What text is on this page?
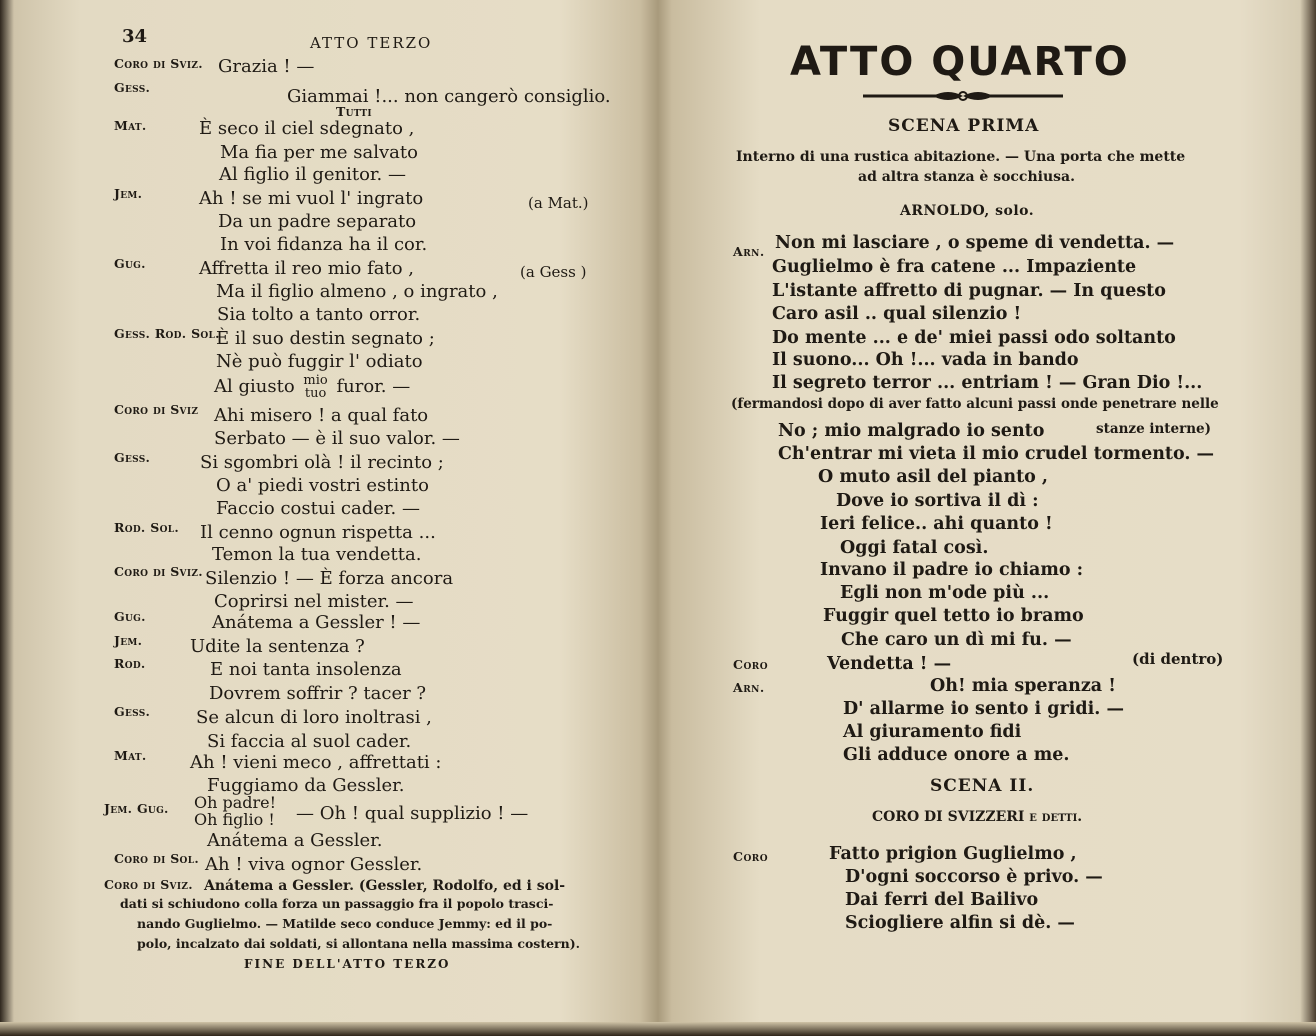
34	ATTO TERZO
Grazia ! —
Coro di Sviz.
Giammai !... non cangerò consiglio.
Gess.
Tutti
È seco il ciel sdegnato ,
Mat.
Ma fia per me salvato
Al figlio il genitor. —
Ah ! se mi vuol l' ingrato
Jem.
Da un padre separato
In voi fidanza ha il cor.
Affretta il reo mio fato ,
Gug.
Ma il figlio almeno , o ingrato ,
Sia tolto a tanto orror.
È il suo destin segnato ;
Gess. Rod. Sol.
Nè può fuggir l' odiato
Ahi misero ! a qual fato
Coro di Sviz
Serbato — è il suo valor. —
Si sgombri olà ! il recinto ;
Gess.
O a' piedi vostri estinto
Faccio costui cader. —
Il cenno ognun rispetta ...
Rod. Sol.
Temon la tua vendetta.
Silenzio ! — È forza ancora
Coro di Sviz.
Coprirsi nel mister. —
Anátema a Gessler ! —
Gug.
Udite la sentenza ?
Jem.
E noi tanta insolenza
Rod.
Dovrem soffrir ? tacer ?
Se alcun di loro inoltrasi ,
Gess.
Si faccia al suol cader.
Ah ! vieni meco , affrettati :
Mat.
Fuggiamo da Gessler.
Anátema a Gessler.
Ah ! viva ognor Gessler.
Coro di Sol.
Al giusto mio
tuo furor. —
(a Mat.)
(a Gess )
Jem. Gug. Oh padre!
Oh figlio ! — Oh ! qual supplizio ! —
Coro di Sviz. Anátema a Gessler. (Gessler, Rodolfo, ed i sol-
dati si schiudono colla forza un passaggio fra il popolo trasci-
nando Guglielmo. — Matilde seco conduce Jemmy: ed il po-
polo, incalzato dai soldati, si allontana nella massima costern).
FINE DELL'ATTO TERZO
ATTO QUARTO
SCENA PRIMA
Interno di una rustica abitazione. — Una porta che mette
ad altra stanza è socchiusa.
ARNOLDO, solo.
Non mi lasciare , o speme di vendetta. —
Arn.
Guglielmo è fra catene ... Impaziente
L'istante affretto di pugnar. — In questo
Caro asil .. qual silenzio !
Do mente ... e de' miei passi odo soltanto
Il suono... Oh !... vada in bando
Il segreto terror ... entriam ! — Gran Dio !...
No ; mio malgrado io sento
Ch'entrar mi vieta il mio crudel tormento. —
O muto asil del pianto ,
Dove io sortiva il dì :
Ieri felice.. ahi quanto !
Oggi fatal così.
Invano il padre io chiamo :
Egli non m'ode più ...
Fuggir quel tetto io bramo
Che caro un dì mi fu. —
Vendetta ! —
Coro
Oh! mia speranza !
Arn.
D' allarme io sento i gridi. —
Al giuramento fidi
Gli adduce onore a me.
Fatto prigion Guglielmo ,
Coro
D'ogni soccorso è privo. —
Dai ferri del Bailivo
Sciogliere alfin si dè. —
(fermandosi dopo di aver fatto alcuni passi onde penetrare nelle
stanze interne)
(di dentro)
SCENA II.
CORO DI SVIZZERI e detti.
